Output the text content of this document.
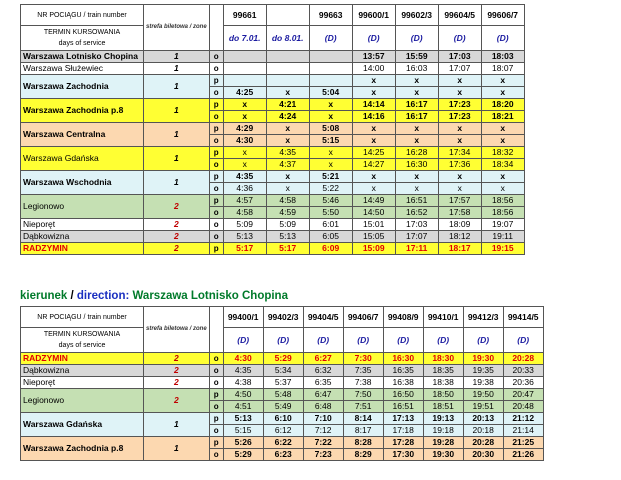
NR POCIĄGU / train number	strefa biletowa / zone		99661		99663	99600/1	99602/3	99604/5	99606/7

TERMIN KURSOWANIA
days of service			do 7.01.	do 8.01.	(D)	(D)	(D)	(D)	(D)
Warszawa Lotnisko Chopina	1	o				13:57	15:59	17:03	18:03
Warszawa Służewiec	1	o				14:00	16:03	17:07	18:07
Warszawa Zachodnia	1	p				x	x	x	x
		o	4:25	x	5:04	x	x	x	x
Warszawa Zachodnia p.8	1	p	x	4:21	x	14:14	16:17	17:23	18:20
		o	x	4:24	x	14:16	16:17	17:23	18:21
Warszawa Centralna	1	p	4:29	x	5:08	x	x	x	x
		o	4:30	x	5:15	x	x	x	x
Warszawa Gdańska	1	p	x	4:35	x	14:25	16:28	17:34	18:32
		o	x	4:37	x	14:27	16:30	17:36	18:34
Warszawa Wschodnia	1	p	4:35	x	5:21	x	x	x	x
		o	4:36	x	5:22	x	x	x	x
Legionowo	2	p	4:57	4:58	5:46	14:49	16:51	17:57	18:56
		o	4:58	4:59	5:50	14:50	16:52	17:58	18:56
Nieporęt	2	o	5:09	5:09	6:01	15:01	17:03	18:09	19:07
Dąbkowizna	2	o	5:13	5:13	6:05	15:05	17:07	18:12	19:11
RADZYMIN	2	p	5:17	5:17	6:09	15:09	17:11	18:17	19:15
kierunek / direction: Warszawa Lotnisko Chopina
NR POCIĄGU / train number	strefa biletowa / zone		99400/1	99402/3	99404/5	99406/7	99408/9	99410/1	99412/3	99414/5

TERMIN KURSOWANIA
days of service			(D)	(D)	(D)	(D)	(D)	(D)	(D)	(D)
RADZYMIN	2	o	4:30	5:29	6:27	7:30	16:30	18:30	19:30	20:28
Dąbkowizna	2	o	4:35	5:34	6:32	7:35	16:35	18:35	19:35	20:33
Nieporęt	2	o	4:38	5:37	6:35	7:38	16:38	18:38	19:38	20:36
Legionowo	2	p	4:50	5:48	6:47	7:50	16:50	18:50	19:50	20:47
		o	4:51	5:49	6:48	7:51	16:51	18:51	19:51	20:48
Warszawa Gdańska	1	p	5:13	6:10	7:10	8:14	17:13	19:13	20:13	21:12
		o	5:15	6:12	7:12	8:17	17:18	19:18	20:18	21:14
Warszawa Zachodnia p.8	1	p	5:26	6:22	7:22	8:28	17:28	19:28	20:28	21:25
		o	5:29	6:23	7:23	8:29	17:30	19:30	20:30	21:26
